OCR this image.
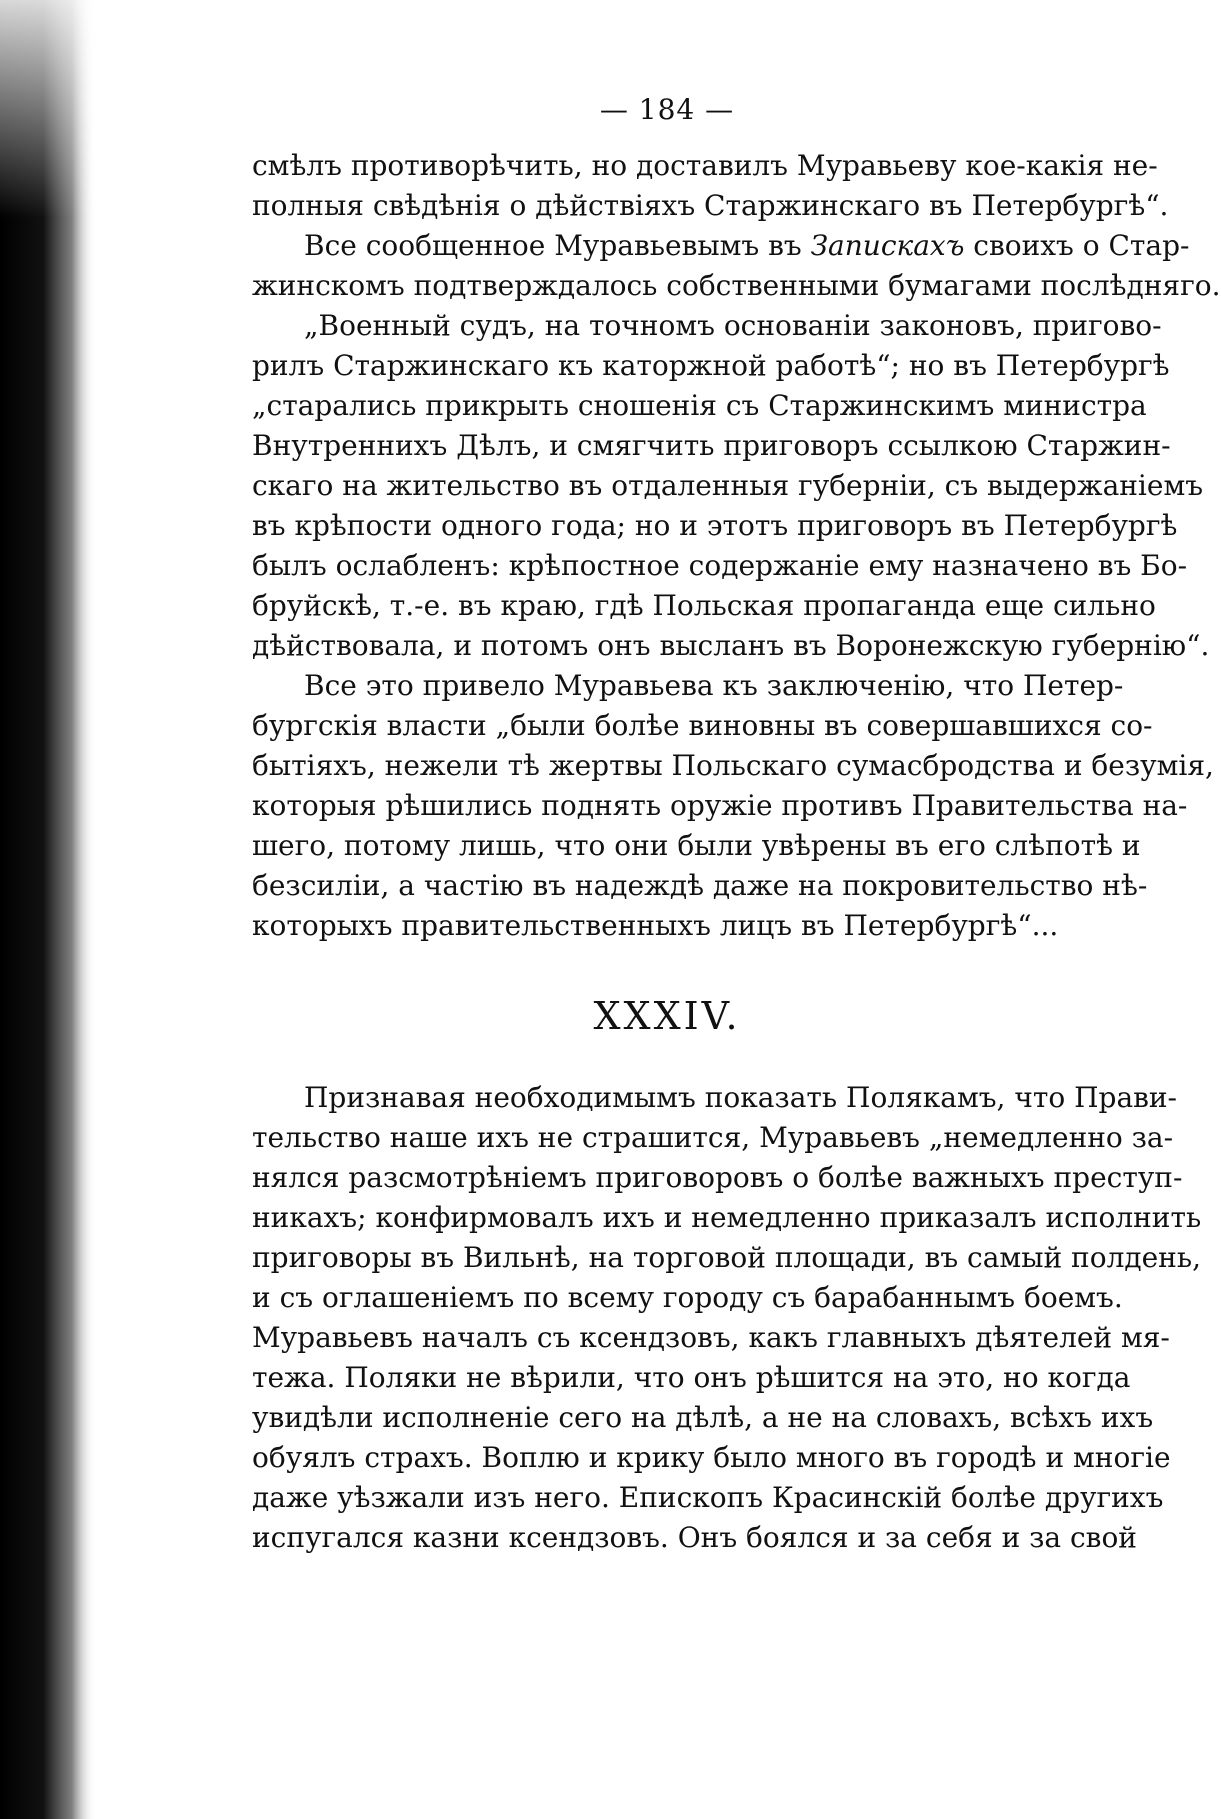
— 184 —
смѣлъ противорѣчить, но доставилъ Муравьеву кое-какія не-
полныя свѣдѣнія о дѣйствіяхъ Старжинскаго въ Петербургѣ“.
Все сообщенное Муравьевымъ въ Запискахъ своихъ о Стар-
жинскомъ подтверждалось собственными бумагами послѣдняго.
„Военный судъ, на точномъ основаніи законовъ, пригово-
рилъ Старжинскаго къ каторжной работѣ“; но въ Петербургѣ
„старались прикрыть сношенія съ Старжинскимъ министра
Внутреннихъ Дѣлъ, и смягчить приговоръ ссылкою Старжин-
скаго на жительство въ отдаленныя губерніи, съ выдержаніемъ
въ крѣпости одного года; но и этотъ приговоръ въ Петербургѣ
былъ ослабленъ: крѣпостное содержаніе ему назначено въ Бо-
бруйскѣ, т.-е. въ краю, гдѣ Польская пропаганда еще сильно
дѣйствовала, и потомъ онъ высланъ въ Воронежскую губернію“.
Все это привело Муравьева къ заключенію, что Петер-
бургскія власти „были болѣе виновны въ совершавшихся со-
бытіяхъ, нежели тѣ жертвы Польскаго сумасбродства и безумія,
которыя рѣшились поднять оружіе противъ Правительства на-
шего, потому лишь, что они были увѣрены въ его слѣпотѣ и
безсиліи, а частію въ надеждѣ даже на покровительство нѣ-
которыхъ правительственныхъ лицъ въ Петербургѣ“...
XXXIV.
Признавая необходимымъ показать Полякамъ, что Прави-
тельство наше ихъ не страшится, Муравьевъ „немедленно за-
нялся разсмотрѣніемъ приговоровъ о болѣе важныхъ преступ-
никахъ; конфирмовалъ ихъ и немедленно приказалъ исполнить
приговоры въ Вильнѣ, на торговой площади, въ самый полдень,
и съ оглашеніемъ по всему городу съ барабаннымъ боемъ.
Муравьевъ началъ съ ксендзовъ, какъ главныхъ дѣятелей мя-
тежа. Поляки не вѣрили, что онъ рѣшится на это, но когда
увидѣли исполненіе сего на дѣлѣ, а не на словахъ, всѣхъ ихъ
обуялъ страхъ. Воплю и крику было много въ городѣ и многіе
даже уѣзжали изъ него. Епископъ Красинскій болѣе другихъ
испугался казни ксендзовъ. Онъ боялся и за себя и за свой
